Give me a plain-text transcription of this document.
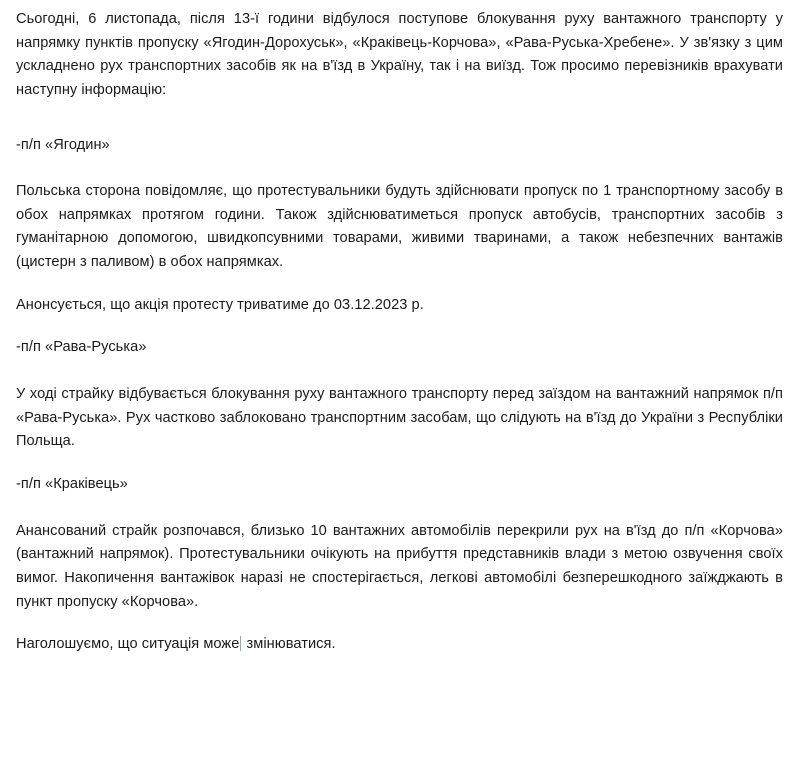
Сьогодні, 6 листопада, після 13-ї години відбулося поступове блокування руху вантажного транспорту у напрямку пунктів пропуску «Ягодин-Дорохуськ», «Краківець-Корчова», «Рава-Руська-Хребене». У зв'язку з цим ускладнено рух транспортних засобів як на в'їзд в Україну, так і на виїзд. Тож просимо перевізників врахувати наступну інформацію:

-п/п «Ягодин»

Польська сторона повідомляє, що протестувальники будуть здійснювати пропуск по 1 транспортному засобу в обох напрямках протягом години. Також здійснюватиметься пропуск автобусів, транспортних засобів з гуманітарною допомогою, швидкопсувними товарами, живими тваринами, а також небезпечних вантажів (цистерн з паливом) в обох напрямках.

Анонсується, що акція протесту триватиме до 03.12.2023 р.

-п/п «Рава-Руська»

У ході страйку відбувається блокування руху вантажного транспорту перед заїздом на вантажний напрямок п/п «Рава-Руська». Рух частково заблоковано транспортним засобам, що слідують на в'їзд до України з Республіки Польща.

-п/п «Краківець»

Анансований страйк розпочався, близько 10 вантажних автомобілів перекрили рух на в'їзд до п/п «Корчова» (вантажний напрямок). Протестувальники очікують на прибуття представників влади з метою озвучення своїх вимог. Накопичення вантажівок наразі не спостерігається, легкові автомобілі безперешкодного заїжджають в пункт пропуску «Корчова».

Наголошуємо, що ситуація може змінюватися.
